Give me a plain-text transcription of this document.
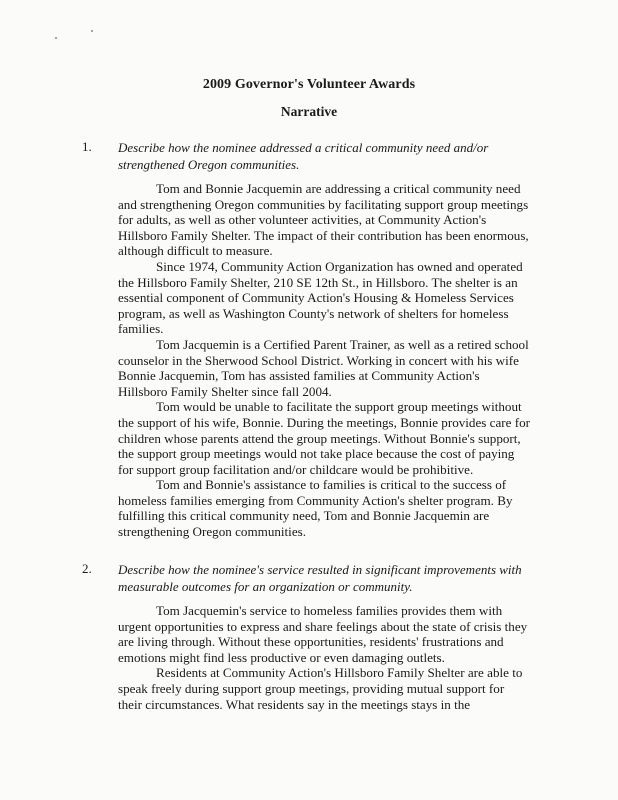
2009 Governor's Volunteer Awards
Narrative
1. Describe how the nominee addressed a critical community need and/or strengthened Oregon communities.

Tom and Bonnie Jacquemin are addressing a critical community need and strengthening Oregon communities by facilitating support group meetings for adults, as well as other volunteer activities, at Community Action's Hillsboro Family Shelter. The impact of their contribution has been enormous, although difficult to measure.

Since 1974, Community Action Organization has owned and operated the Hillsboro Family Shelter, 210 SE 12th St., in Hillsboro. The shelter is an essential component of Community Action's Housing & Homeless Services program, as well as Washington County's network of shelters for homeless families.

Tom Jacquemin is a Certified Parent Trainer, as well as a retired school counselor in the Sherwood School District. Working in concert with his wife Bonnie Jacquemin, Tom has assisted families at Community Action's Hillsboro Family Shelter since fall 2004.

Tom would be unable to facilitate the support group meetings without the support of his wife, Bonnie. During the meetings, Bonnie provides care for children whose parents attend the group meetings. Without Bonnie's support, the support group meetings would not take place because the cost of paying for support group facilitation and/or childcare would be prohibitive.

Tom and Bonnie's assistance to families is critical to the success of homeless families emerging from Community Action's shelter program. By fulfilling this critical community need, Tom and Bonnie Jacquemin are strengthening Oregon communities.

2. Describe how the nominee's service resulted in significant improvements with measurable outcomes for an organization or community.

Tom Jacquemin's service to homeless families provides them with urgent opportunities to express and share feelings about the state of crisis they are living through. Without these opportunities, residents' frustrations and emotions might find less productive or even damaging outlets.

Residents at Community Action's Hillsboro Family Shelter are able to speak freely during support group meetings, providing mutual support for their circumstances. What residents say in the meetings stays in the
